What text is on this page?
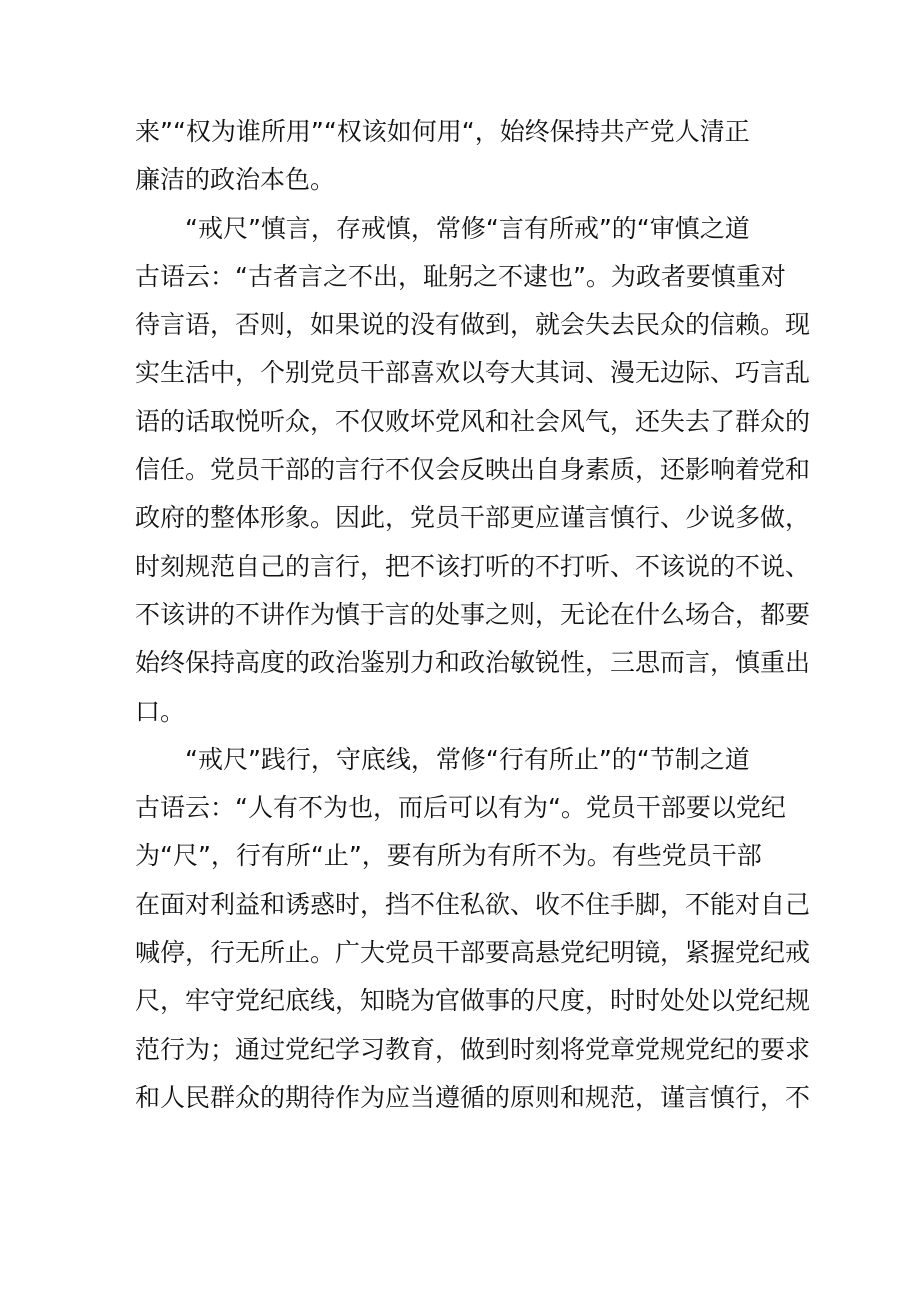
来”“权为谁所用”“权该如何用“，始终保持共产党人清正
廉洁的政治本色。
　　“戒尺”慎言，存戒慎，常修“言有所戒”的“审慎之道
古语云：“古者言之不出，耻躬之不逮也”。为政者要慎重对
待言语，否则，如果说的没有做到，就会失去民众的信赖。现
实生活中，个别党员干部喜欢以夸大其词、漫无边际、巧言乱
语的话取悦听众，不仅败坏党风和社会风气，还失去了群众的
信任。党员干部的言行不仅会反映出自身素质，还影响着党和
政府的整体形象。因此，党员干部更应谨言慎行、少说多做，
时刻规范自己的言行，把不该打听的不打听、不该说的不说、
不该讲的不讲作为慎于言的处事之则，无论在什么场合，都要
始终保持高度的政治鉴别力和政治敏锐性，三思而言，慎重出
口。
　　“戒尺”践行，守底线，常修“行有所止”的“节制之道
古语云：“人有不为也，而后可以有为“。党员干部要以党纪
为“尺”，行有所“止”，要有所为有所不为。有些党员干部
在面对利益和诱惑时，挡不住私欲、收不住手脚，不能对自己
喊停，行无所止。广大党员干部要高悬党纪明镜，紧握党纪戒
尺，牢守党纪底线，知晓为官做事的尺度，时时处处以党纪规
范行为；通过党纪学习教育，做到时刻将党章党规党纪的要求
和人民群众的期待作为应当遵循的原则和规范，谨言慎行，不
